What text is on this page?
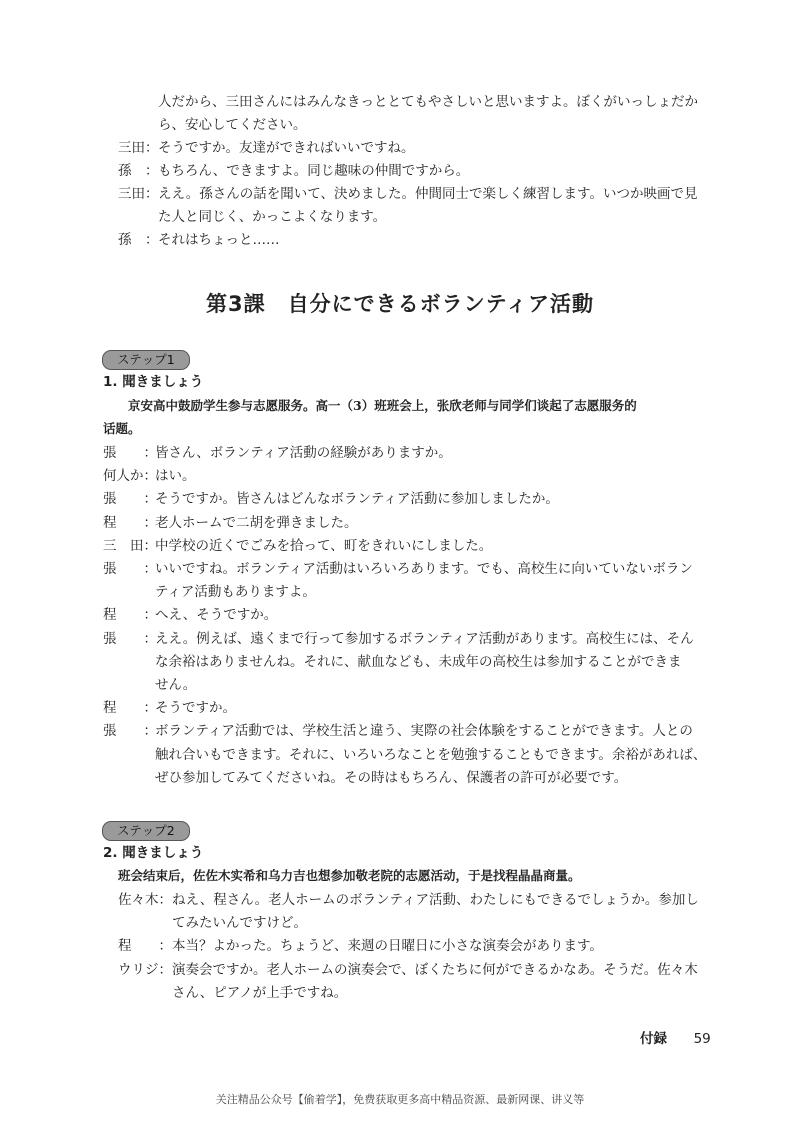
人だから、三田さんにはみんなきっととてもやさしいと思いますよ。ぼくがいっしょだか
ら、安心してください。
三田： そうですか。友達ができればいいですね。
孫　： もちろん、できますよ。同じ趣味の仲間ですから。
三田： ええ。孫さんの話を聞いて、決めました。仲間同士で楽しく練習します。いつか映画で見
た人と同じく、かっこよくなります。
孫　： それはちょっと……
第3課　自分にできるボランティア活動
ステップ1
1. 聞きましょう
京安高中鼓励学生参与志愿服务。高一（3）班班会上，张欣老师与同学们谈起了志愿服务的
话题。
張　　：
皆さん、ボランティア活動の経験がありますか。
何人か：
はい。
張　　：
そうですか。皆さんはどんなボランティア活動に参加しましたか。
程　　：
老人ホームで二胡を弾きました。
三　田：
中学校の近くでごみを拾って、町をきれいにしました。
張　　：
いいですね。ボランティア活動はいろいろあります。でも、高校生に向いていないボラン
ティア活動もありますよ。
程　　：
へえ、そうですか。
張　　：
ええ。例えば、遠くまで行って参加するボランティア活動があります。高校生には、そん
な余裕はありませんね。それに、献血なども、未成年の高校生は参加することができま
せん。
程　　：
そうですか。
張　　：
ボランティア活動では、学校生活と違う、実際の社会体験をすることができます。人との
触れ合いもできます。それに、いろいろなことを勉強することもできます。余裕があれば、
ぜひ参加してみてくださいね。その時はもちろん、保護者の許可が必要です。
ステップ2
2. 聞きましょう
班会结束后，佐佐木实希和乌力吉也想参加敬老院的志愿活动，于是找程晶晶商量。
佐々木： ねえ、程さん。老人ホームのボランティア活動、わたしにもできるでしょうか。参加し
てみたいんですけど。
程　　： 本当？よかった。ちょうど、来週の日曜日に小さな演奏会があります。
ウリジ： 演奏会ですか。老人ホームの演奏会で、ぼくたちに何ができるかなあ。そうだ。佐々木
さん、ピアノが上手ですね。
付録 59
关注精品公众号【偷着学】，免费获取更多高中精品资源、最新网课、讲义等
